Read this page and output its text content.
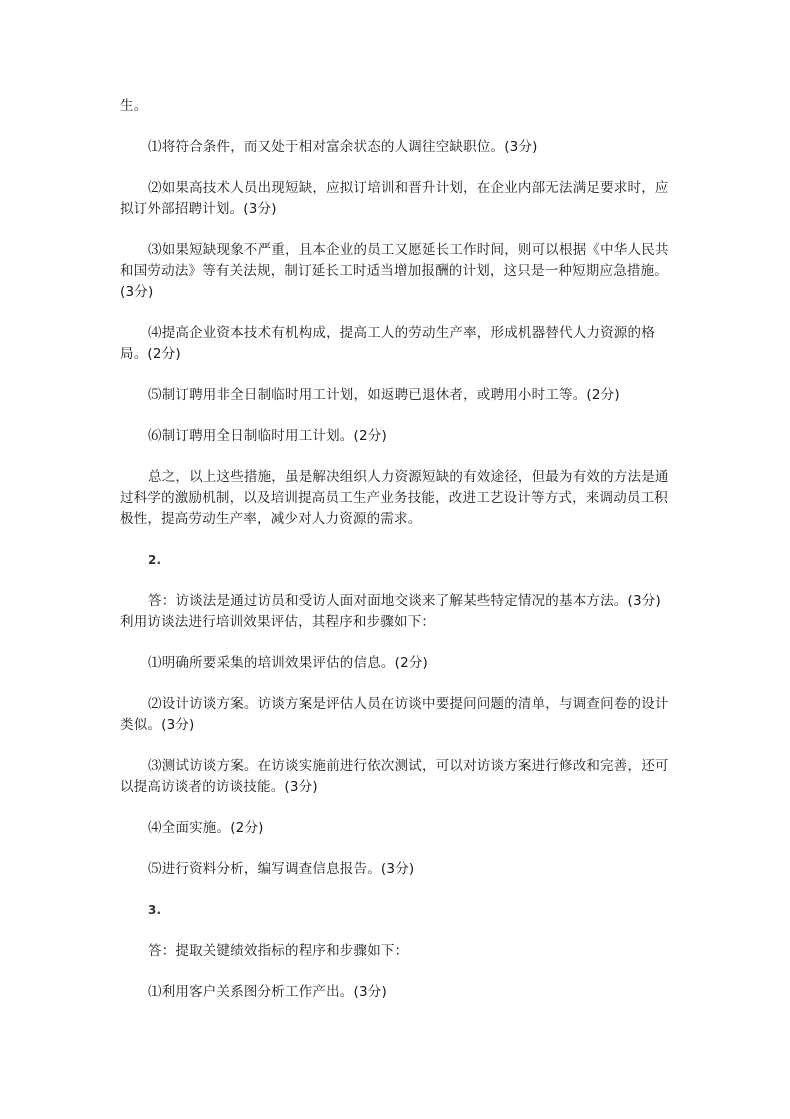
生。

⑴将符合条件，而又处于相对富余状态的人调往空缺职位。(3分)

⑵如果高技术人员出现短缺，应拟订培训和晋升计划，在企业内部无法满足要求时，应拟订外部招聘计划。(3分)

⑶如果短缺现象不严重，且本企业的员工又愿延长工作时间，则可以根据《中华人民共和国劳动法》等有关法规，制订延长工时适当增加报酬的计划，这只是一种短期应急措施。(3分)

⑷提高企业资本技术有机构成，提高工人的劳动生产率，形成机器替代人力资源的格局。(2分)

⑸制订聘用非全日制临时用工计划，如返聘已退休者，或聘用小时工等。(2分)

⑹制订聘用全日制临时用工计划。(2分)

总之，以上这些措施，虽是解决组织人力资源短缺的有效途径，但最为有效的方法是通过科学的激励机制，以及培训提高员工生产业务技能，改进工艺设计等方式，来调动员工积极性，提高劳动生产率，减少对人力资源的需求。

2.

答：访谈法是通过访员和受访人面对面地交谈来了解某些特定情况的基本方法。(3分)利用访谈法进行培训效果评估，其程序和步骤如下：

⑴明确所要采集的培训效果评估的信息。(2分)

⑵设计访谈方案。访谈方案是评估人员在访谈中要提问问题的清单，与调查问卷的设计类似。(3分)

⑶测试访谈方案。在访谈实施前进行依次测试，可以对访谈方案进行修改和完善，还可以提高访谈者的访谈技能。(3分)

⑷全面实施。(2分)

⑸进行资料分析，编写调查信息报告。(3分)

3.

答：提取关键绩效指标的程序和步骤如下：

⑴利用客户关系图分析工作产出。(3分)
